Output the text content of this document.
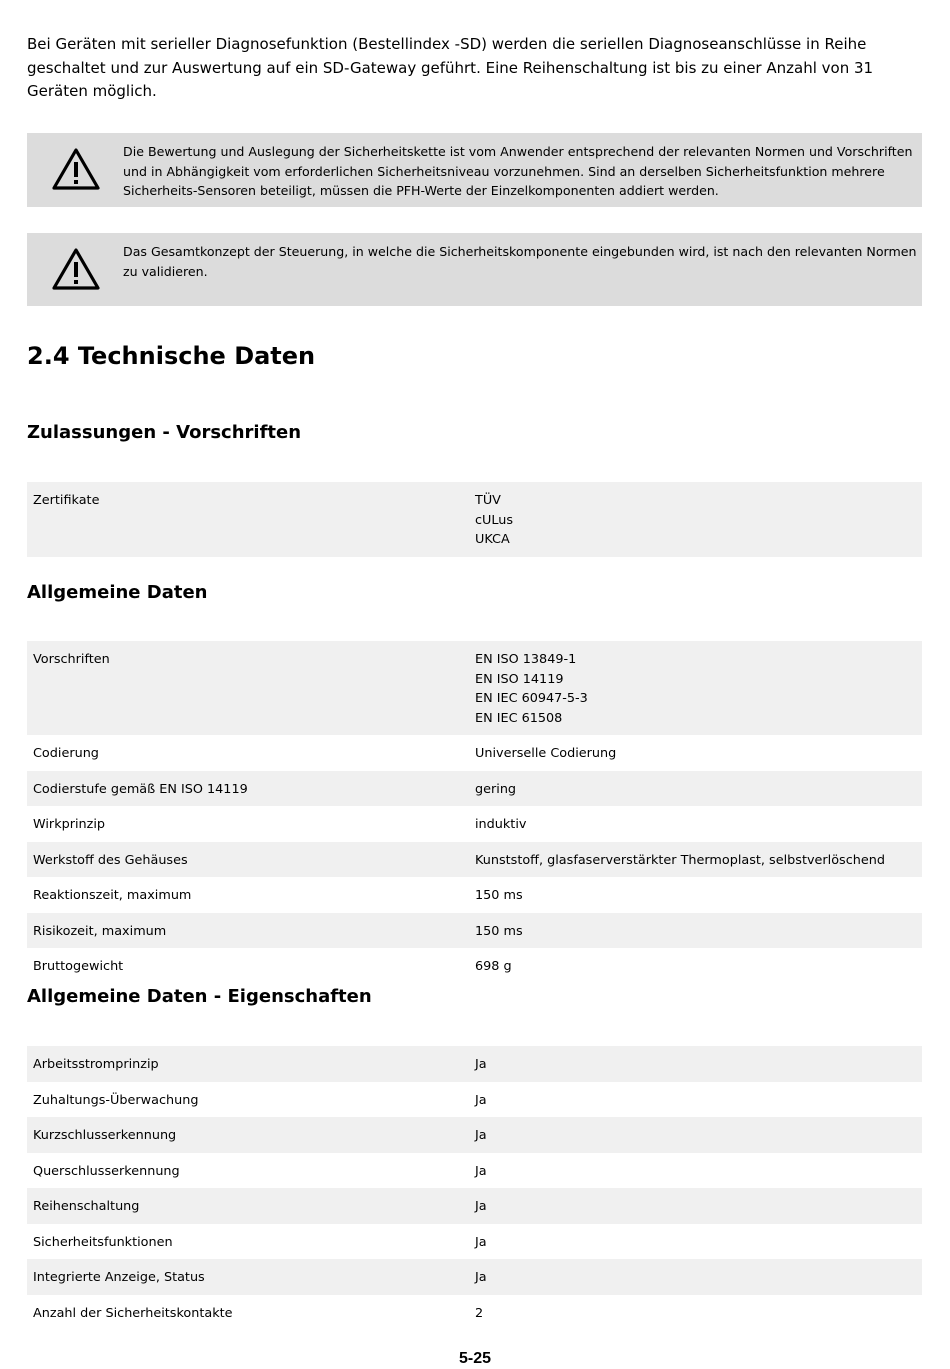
Bei Geräten mit serieller Diagnosefunktion (Bestellindex -SD) werden die seriellen Diagnoseanschlüsse in Reihe geschaltet und zur Auswertung auf ein SD-Gateway geführt. Eine Reihenschaltung ist bis zu einer Anzahl von 31 Geräten möglich.

Die Bewertung und Auslegung der Sicherheitskette ist vom Anwender entsprechend der relevanten Normen und Vorschriften und in Abhängigkeit vom erforderlichen Sicherheitsniveau vorzunehmen. Sind an derselben Sicherheitsfunktion mehrere Sicherheits-Sensoren beteiligt, müssen die PFH-Werte der Einzelkomponenten addiert werden.

Das Gesamtkonzept der Steuerung, in welche die Sicherheitskomponente eingebunden wird, ist nach den relevanten Normen zu validieren.

2.4 Technische Daten
Zulassungen - Vorschriften
Zertifikate	TÜV
cULus
UKCA
Allgemeine Daten
Vorschriften	EN ISO 13849-1
EN ISO 14119
EN IEC 60947-5-3
EN IEC 61508
Codierung	Universelle Codierung
Codierstufe gemäß EN ISO 14119	gering
Wirkprinzip	induktiv
Werkstoff des Gehäuses	Kunststoff, glasfaserverstärkter Thermoplast, selbstverlöschend
Reaktionszeit, maximum	150 ms
Risikozeit, maximum	150 ms
Bruttogewicht	698 g
Allgemeine Daten - Eigenschaften
Arbeitsstromprinzip	Ja
Zuhaltungs-Überwachung	Ja
Kurzschlusserkennung	Ja
Querschlusserkennung	Ja
Reihenschaltung	Ja
Sicherheitsfunktionen	Ja
Integrierte Anzeige, Status	Ja
Anzahl der Sicherheitskontakte	2

5-25
